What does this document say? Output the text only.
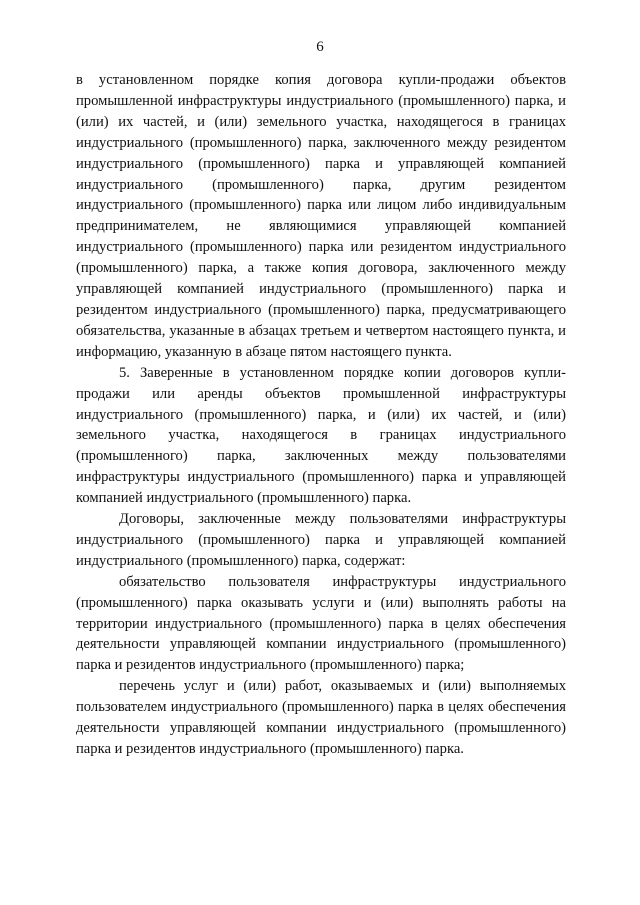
6

в установленном порядке копия договора купли-продажи объектов промышленной инфраструктуры индустриального (промышленного) парка, и (или) их частей, и (или) земельного участка, находящегося в границах индустриального (промышленного) парка, заключенного между резидентом индустриального (промышленного) парка и управляющей компанией индустриального (промышленного) парка, другим резидентом индустриального (промышленного) парка или лицом либо индивидуальным предпринимателем, не являющимися управляющей компанией индустриального (промышленного) парка или резидентом индустриального (промышленного) парка, а также копия договора, заключенного между управляющей компанией индустриального (промышленного) парка и резидентом индустриального (промышленного) парка, предусматривающего обязательства, указанные в абзацах третьем и четвертом настоящего пункта, и информацию, указанную в абзаце пятом настоящего пункта.

5. Заверенные в установленном порядке копии договоров купли-продажи или аренды объектов промышленной инфраструктуры индустриального (промышленного) парка, и (или) их частей, и (или) земельного участка, находящегося в границах индустриального (промышленного) парка, заключенных между пользователями инфраструктуры индустриального (промышленного) парка и управляющей компанией индустриального (промышленного) парка.

Договоры, заключенные между пользователями инфраструктуры индустриального (промышленного) парка и управляющей компанией индустриального (промышленного) парка, содержат:

обязательство пользователя инфраструктуры индустриального (промышленного) парка оказывать услуги и (или) выполнять работы на территории индустриального (промышленного) парка в целях обеспечения деятельности управляющей компании индустриального (промышленного) парка и резидентов индустриального (промышленного) парка;

перечень услуг и (или) работ, оказываемых и (или) выполняемых пользователем индустриального (промышленного) парка в целях обеспечения деятельности управляющей компании индустриального (промышленного) парка и резидентов индустриального (промышленного) парка.
